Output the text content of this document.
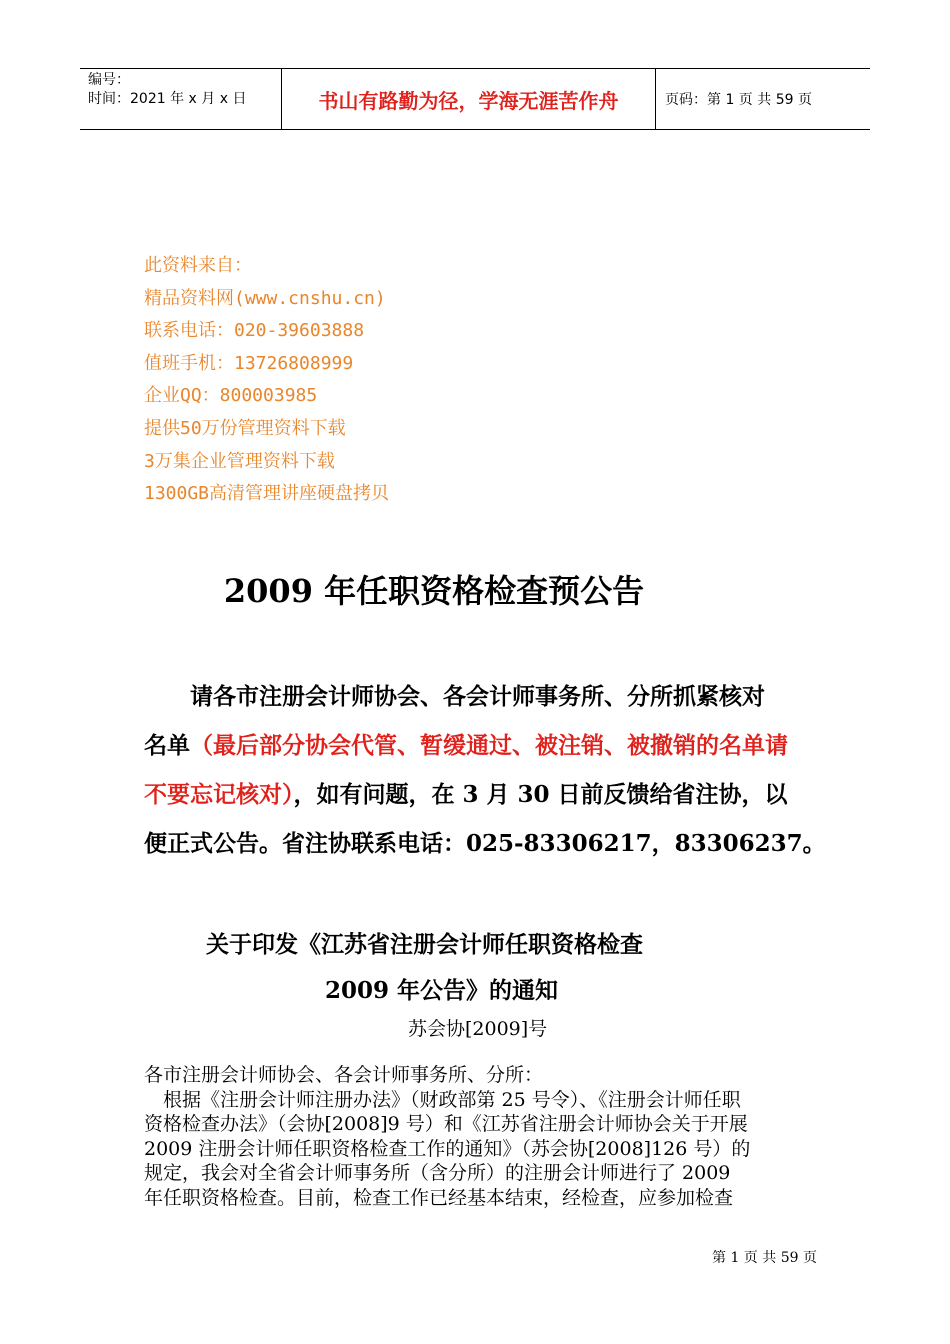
编号：
时间：2021 年 x 月 x 日	书山有路勤为径，学海无涯苦作舟	页码：第 1 页 共 59 页
此资料来自：
精品资料网(www.cnshu.cn)
联系电话：020-39603888
值班手机：13726808999
企业QQ：800003985
提供50万份管理资料下载
3万集企业管理资料下载
1300GB高清管理讲座硬盘拷贝
2009 年任职资格检查预公告
请各市注册会计师协会、各会计师事务所、分所抓紧核对
名单（最后部分协会代管、暂缓通过、被注销、被撤销的名单请
不要忘记核对），如有问题，在 3 月 30 日前反馈给省注协，以
便正式公告。省注协联系电话：025-83306217，83306237。
关于印发《江苏省注册会计师任职资格检查
2009 年公告》的通知
苏会协[2009]号
各市注册会计师协会、各会计师事务所、分所：
　根据《注册会计师注册办法》（财政部第 25 号令）、《注册会计师任职
资格检查办法》（会协[2008]9 号）和《江苏省注册会计师协会关于开展
2009 注册会计师任职资格检查工作的通知》（苏会协[2008]126 号）的
规定，我会对全省会计师事务所（含分所）的注册会计师进行了 2009
年任职资格检查。目前，检查工作已经基本结束，经检查，应参加检查
第 1 页 共 59 页
